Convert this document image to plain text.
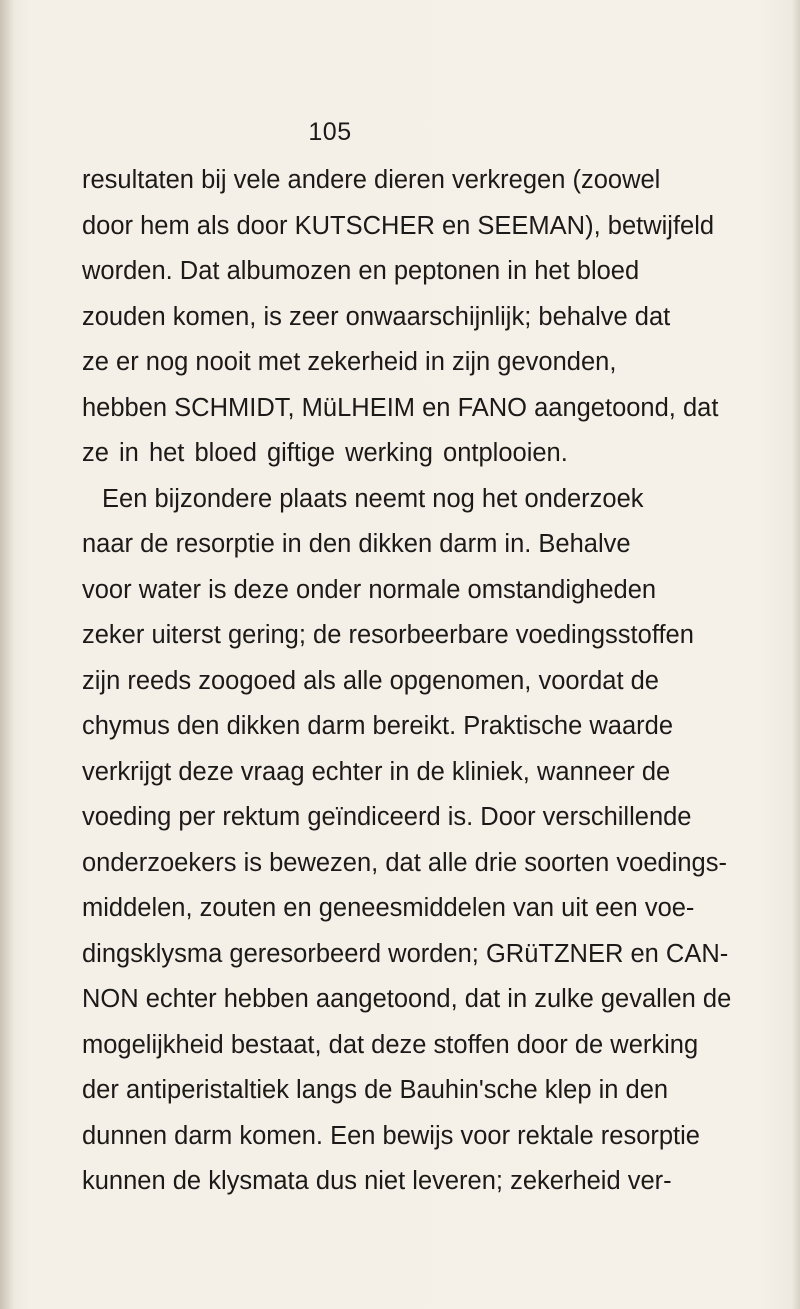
105
resultaten bij vele andere dieren verkregen (zoowel
door hem als door KUTSCHER en SEEMAN), betwijfeld
worden. Dat albumozen en peptonen in het bloed
zouden komen, is zeer onwaarschijnlijk; behalve dat
ze er nog nooit met zekerheid in zijn gevonden,
hebben SCHMIDT, MüLHEIM en FANO aangetoond, dat
ze in het bloed giftige werking ontplooien.
Een bijzondere plaats neemt nog het onderzoek
naar de resorptie in den dikken darm in. Behalve
voor water is deze onder normale omstandigheden
zeker uiterst gering; de resorbeerbare voedingsstoffen
zijn reeds zoogoed als alle opgenomen, voordat de
chymus den dikken darm bereikt. Praktische waarde
verkrijgt deze vraag echter in de kliniek, wanneer de
voeding per rektum geïndiceerd is. Door verschillende
onderzoekers is bewezen, dat alle drie soorten voedings-
middelen, zouten en geneesmiddelen van uit een voe-
dingsklysma geresorbeerd worden; GRüTZNER en CAN-
NON echter hebben aangetoond, dat in zulke gevallen de
mogelijkheid bestaat, dat deze stoffen door de werking
der antiperistaltiek langs de Bauhin'sche klep in den
dunnen darm komen. Een bewijs voor rektale resorptie
kunnen de klysmata dus niet leveren; zekerheid ver-
